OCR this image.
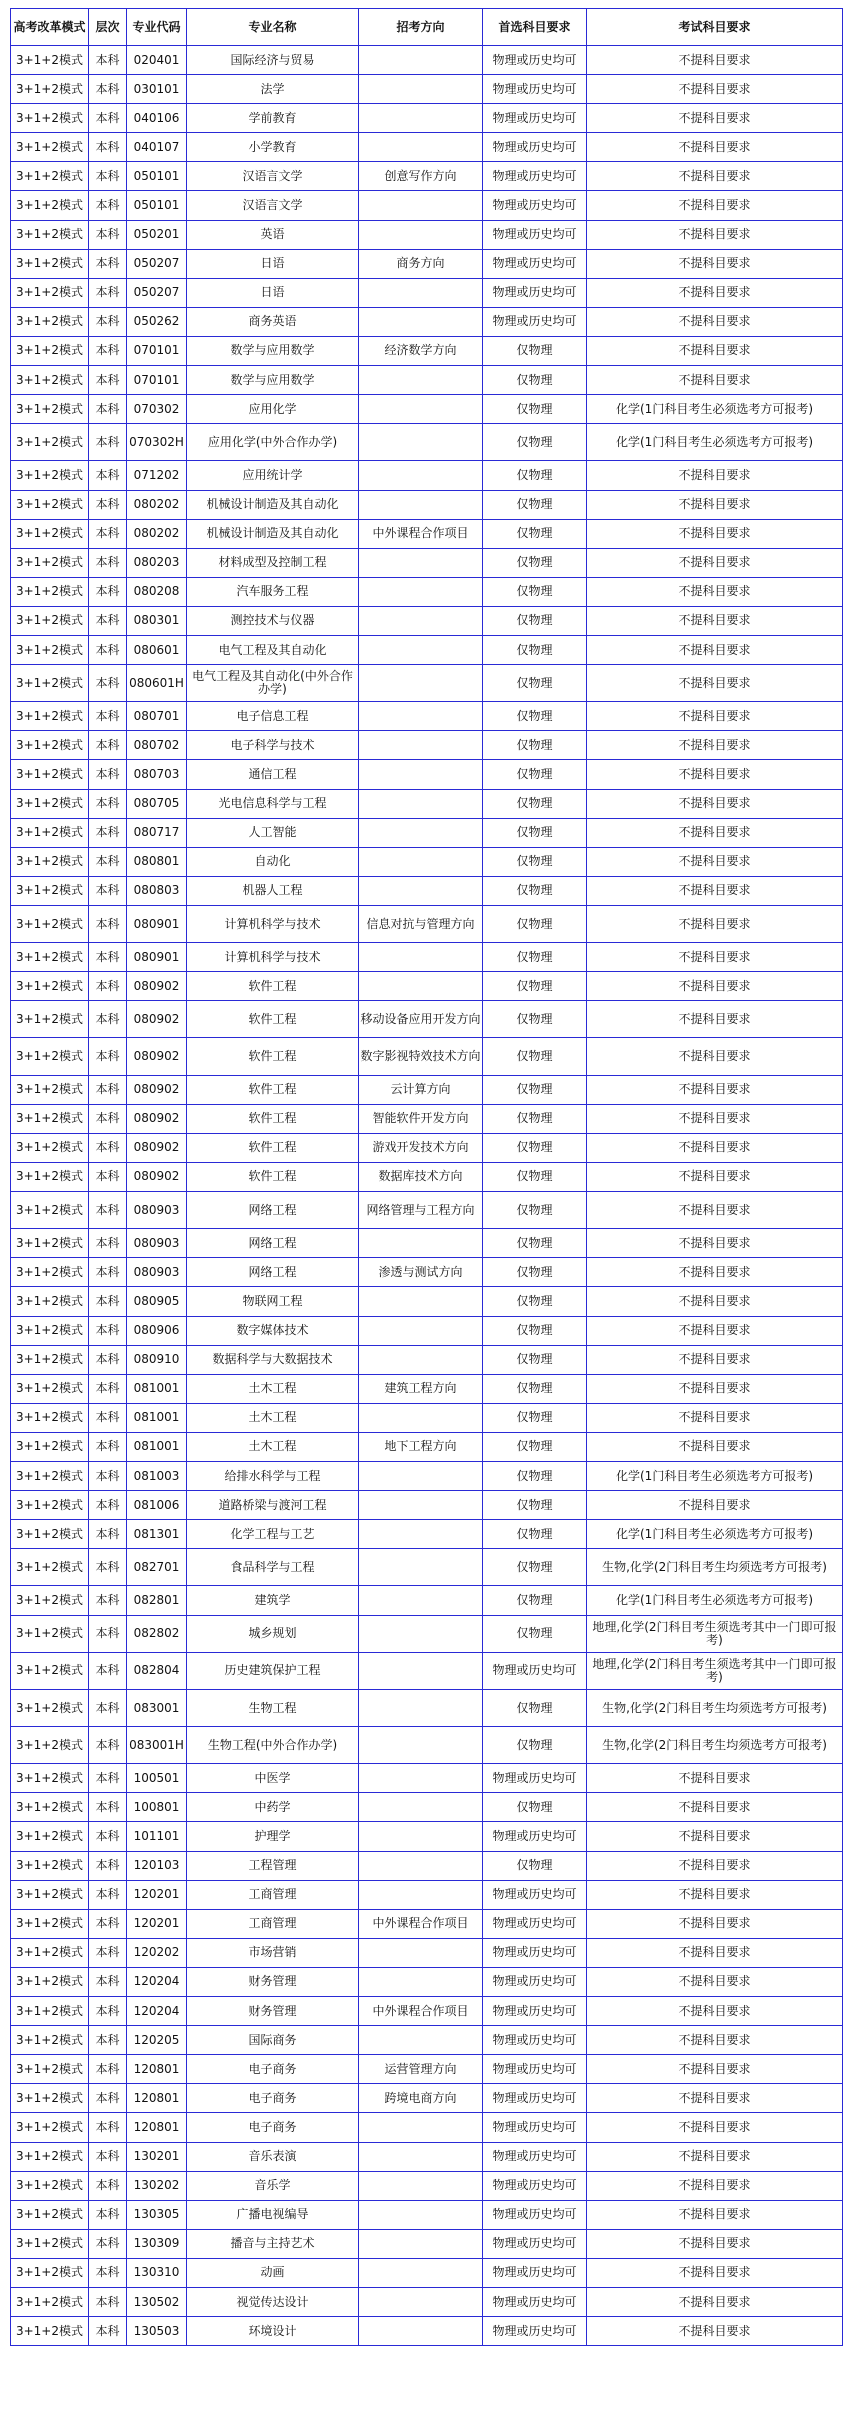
高考改革模式	层次	专业代码	专业名称	招考方向	首选科目要求	考试科目要求
3+1+2模式	本科	020401	国际经济与贸易		物理或历史均可	不提科目要求
3+1+2模式	本科	030101	法学		物理或历史均可	不提科目要求
3+1+2模式	本科	040106	学前教育		物理或历史均可	不提科目要求
3+1+2模式	本科	040107	小学教育		物理或历史均可	不提科目要求
3+1+2模式	本科	050101	汉语言文学	创意写作方向	物理或历史均可	不提科目要求
3+1+2模式	本科	050101	汉语言文学		物理或历史均可	不提科目要求
3+1+2模式	本科	050201	英语		物理或历史均可	不提科目要求
3+1+2模式	本科	050207	日语	商务方向	物理或历史均可	不提科目要求
3+1+2模式	本科	050207	日语		物理或历史均可	不提科目要求
3+1+2模式	本科	050262	商务英语		物理或历史均可	不提科目要求
3+1+2模式	本科	070101	数学与应用数学	经济数学方向	仅物理	不提科目要求
3+1+2模式	本科	070101	数学与应用数学		仅物理	不提科目要求
3+1+2模式	本科	070302	应用化学		仅物理	化学(1门科目考生必须选考方可报考)
3+1+2模式	本科	070302H	应用化学(中外合作办学)		仅物理	化学(1门科目考生必须选考方可报考)
3+1+2模式	本科	071202	应用统计学		仅物理	不提科目要求
3+1+2模式	本科	080202	机械设计制造及其自动化		仅物理	不提科目要求
3+1+2模式	本科	080202	机械设计制造及其自动化	中外课程合作项目	仅物理	不提科目要求
3+1+2模式	本科	080203	材料成型及控制工程		仅物理	不提科目要求
3+1+2模式	本科	080208	汽车服务工程		仅物理	不提科目要求
3+1+2模式	本科	080301	测控技术与仪器		仅物理	不提科目要求
3+1+2模式	本科	080601	电气工程及其自动化		仅物理	不提科目要求
3+1+2模式	本科	080601H	电气工程及其自动化(中外合作办学)		仅物理	不提科目要求
3+1+2模式	本科	080701	电子信息工程		仅物理	不提科目要求
3+1+2模式	本科	080702	电子科学与技术		仅物理	不提科目要求
3+1+2模式	本科	080703	通信工程		仅物理	不提科目要求
3+1+2模式	本科	080705	光电信息科学与工程		仅物理	不提科目要求
3+1+2模式	本科	080717	人工智能		仅物理	不提科目要求
3+1+2模式	本科	080801	自动化		仅物理	不提科目要求
3+1+2模式	本科	080803	机器人工程		仅物理	不提科目要求
3+1+2模式	本科	080901	计算机科学与技术	信息对抗与管理方向	仅物理	不提科目要求
3+1+2模式	本科	080901	计算机科学与技术		仅物理	不提科目要求
3+1+2模式	本科	080902	软件工程		仅物理	不提科目要求
3+1+2模式	本科	080902	软件工程	移动设备应用开发方向	仅物理	不提科目要求
3+1+2模式	本科	080902	软件工程	数字影视特效技术方向	仅物理	不提科目要求
3+1+2模式	本科	080902	软件工程	云计算方向	仅物理	不提科目要求
3+1+2模式	本科	080902	软件工程	智能软件开发方向	仅物理	不提科目要求
3+1+2模式	本科	080902	软件工程	游戏开发技术方向	仅物理	不提科目要求
3+1+2模式	本科	080902	软件工程	数据库技术方向	仅物理	不提科目要求
3+1+2模式	本科	080903	网络工程	网络管理与工程方向	仅物理	不提科目要求
3+1+2模式	本科	080903	网络工程		仅物理	不提科目要求
3+1+2模式	本科	080903	网络工程	渗透与测试方向	仅物理	不提科目要求
3+1+2模式	本科	080905	物联网工程		仅物理	不提科目要求
3+1+2模式	本科	080906	数字媒体技术		仅物理	不提科目要求
3+1+2模式	本科	080910	数据科学与大数据技术		仅物理	不提科目要求
3+1+2模式	本科	081001	土木工程	建筑工程方向	仅物理	不提科目要求
3+1+2模式	本科	081001	土木工程		仅物理	不提科目要求
3+1+2模式	本科	081001	土木工程	地下工程方向	仅物理	不提科目要求
3+1+2模式	本科	081003	给排水科学与工程		仅物理	化学(1门科目考生必须选考方可报考)
3+1+2模式	本科	081006	道路桥梁与渡河工程		仅物理	不提科目要求
3+1+2模式	本科	081301	化学工程与工艺		仅物理	化学(1门科目考生必须选考方可报考)
3+1+2模式	本科	082701	食品科学与工程		仅物理	生物,化学(2门科目考生均须选考方可报考)
3+1+2模式	本科	082801	建筑学		仅物理	化学(1门科目考生必须选考方可报考)
3+1+2模式	本科	082802	城乡规划		仅物理	地理,化学(2门科目考生须选考其中一门即可报考)
3+1+2模式	本科	082804	历史建筑保护工程		物理或历史均可	地理,化学(2门科目考生须选考其中一门即可报考)
3+1+2模式	本科	083001	生物工程		仅物理	生物,化学(2门科目考生均须选考方可报考)
3+1+2模式	本科	083001H	生物工程(中外合作办学)		仅物理	生物,化学(2门科目考生均须选考方可报考)
3+1+2模式	本科	100501	中医学		物理或历史均可	不提科目要求
3+1+2模式	本科	100801	中药学		仅物理	不提科目要求
3+1+2模式	本科	101101	护理学		物理或历史均可	不提科目要求
3+1+2模式	本科	120103	工程管理		仅物理	不提科目要求
3+1+2模式	本科	120201	工商管理		物理或历史均可	不提科目要求
3+1+2模式	本科	120201	工商管理	中外课程合作项目	物理或历史均可	不提科目要求
3+1+2模式	本科	120202	市场营销		物理或历史均可	不提科目要求
3+1+2模式	本科	120204	财务管理		物理或历史均可	不提科目要求
3+1+2模式	本科	120204	财务管理	中外课程合作项目	物理或历史均可	不提科目要求
3+1+2模式	本科	120205	国际商务		物理或历史均可	不提科目要求
3+1+2模式	本科	120801	电子商务	运营管理方向	物理或历史均可	不提科目要求
3+1+2模式	本科	120801	电子商务	跨境电商方向	物理或历史均可	不提科目要求
3+1+2模式	本科	120801	电子商务		物理或历史均可	不提科目要求
3+1+2模式	本科	130201	音乐表演		物理或历史均可	不提科目要求
3+1+2模式	本科	130202	音乐学		物理或历史均可	不提科目要求
3+1+2模式	本科	130305	广播电视编导		物理或历史均可	不提科目要求
3+1+2模式	本科	130309	播音与主持艺术		物理或历史均可	不提科目要求
3+1+2模式	本科	130310	动画		物理或历史均可	不提科目要求
3+1+2模式	本科	130502	视觉传达设计		物理或历史均可	不提科目要求
3+1+2模式	本科	130503	环境设计		物理或历史均可	不提科目要求
